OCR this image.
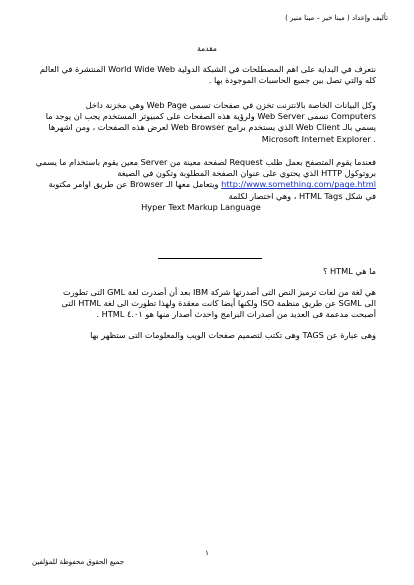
تأليف وإعداد ( مينا خير – مينا منير )
مقدمة

نتعرف في البداية على اهم المصطلحات في الشبكة الدولية World Wide Web المنتشرة في العالم

كله والتي تصل بين جميع الحاسبات الموجودة بها .

وكل البيانات الخاصة بالانترنت تخزن في صفحات تسمى Web Page وهي مخزنة داخل

Computers تسمى Web Server ولرؤية هذه الصفحات على كمبيوتر المستخدم يجب ان يوجد ما

يسمي بالـ Web Client الذي يستخدم برامج Web Browser لعرض هذه الصفحات ، ومن اشهرها

. Microsoft Internet Explorer

فعندما يقوم المتصفح بعمل طلب Request لصفحة معينة من Server معين يقوم باستخدام ما يسمي

بروتوكول HTTP الذي يحتوي على عنوان الصفحة المطلوبة وتكون في الصيغة

http://www.something.com/page.html ويتعامل معها الـ Browser عن طريق اوامر مكتوبة

في شكل HTML Tags ، وهي اختصار لكلمة

Hyper Text Markup Language

ما هي HTML ؟

هي لغة من لغات ترميز النص التى أصدرتها شركة IBM بعد أن أصدرت لغة GML التى تطورت

الى SGML عن طريق منظمة ISO ولكنها أيضا كانت معقدة ولهذا تطورت الى لغة HTML التى

أصبحت مدعمة فى العديد من أصدرات البرامج واحدث أصدار منها هو ٤.٠١ HTML .

وهى عبارة عن TAGS وهى تكتب لتصميم صفحات الويب والمعلومات التى ستظهر بها

١
جميع الحقوق محفوظة للمؤلفين
